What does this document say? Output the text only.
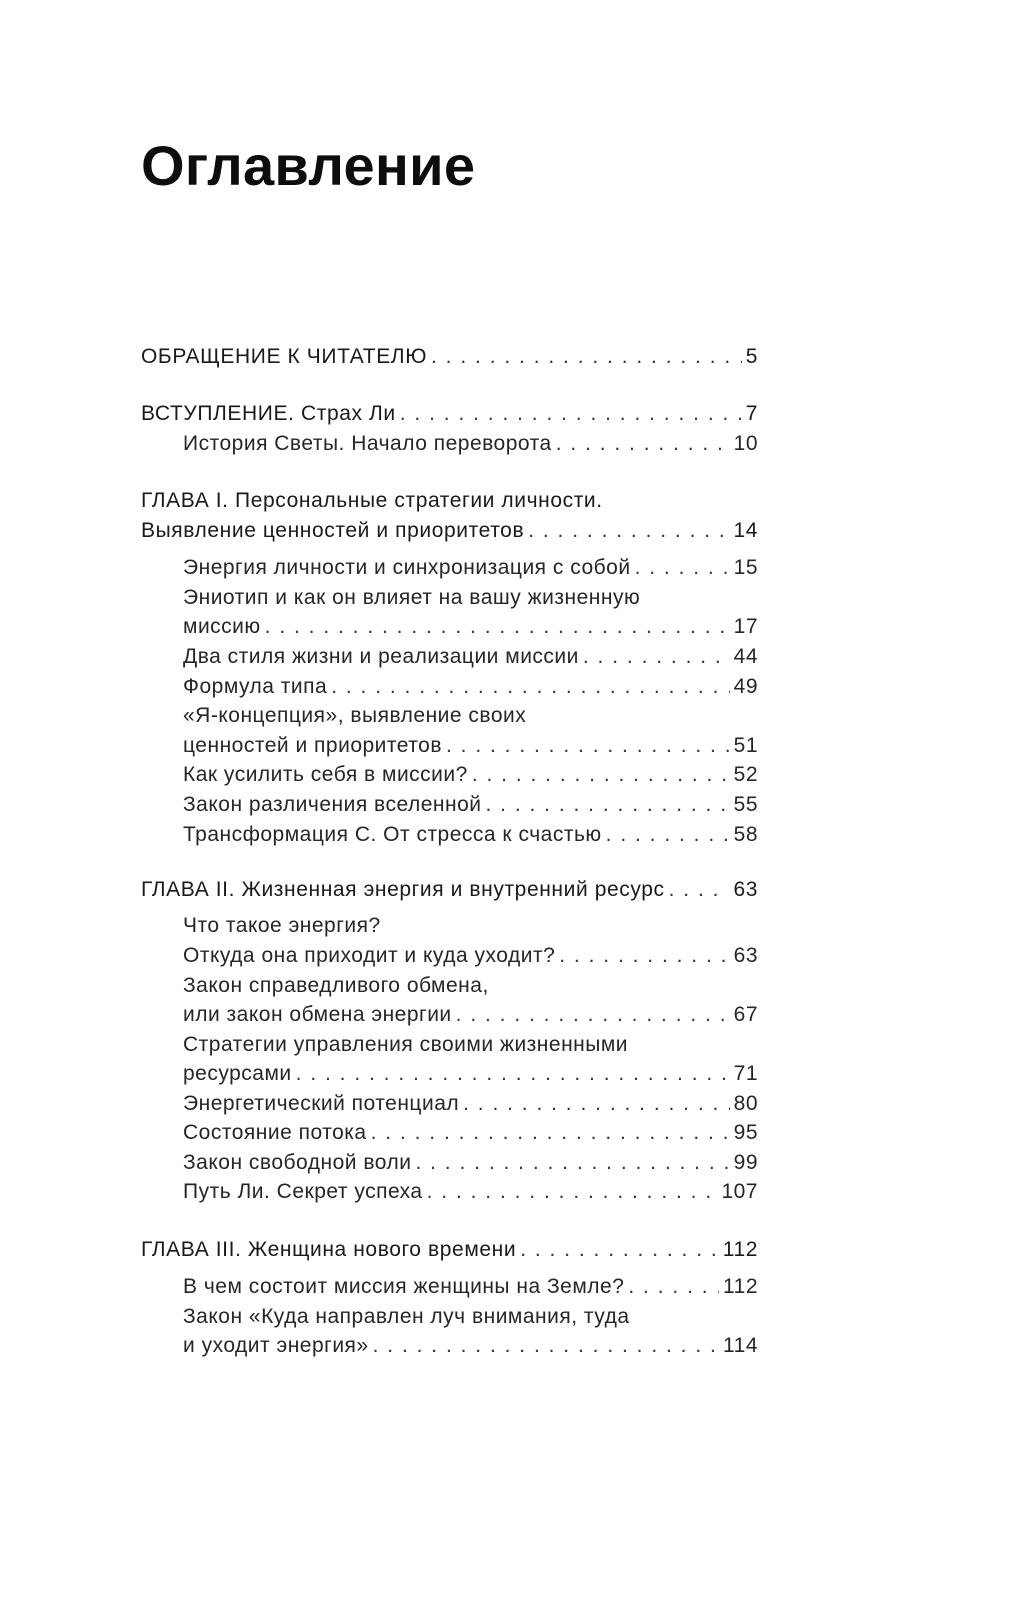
Оглавление
ОБРАЩЕНИЕ К ЧИТАТЕЛЮ . . .	5
ВСТУПЛЕНИЕ. Страх Ли . . .	7
История Светы. Начало переворота . . .	10
ГЛАВА I. Персональные стратегии личности.
Выявление ценностей и приоритетов . . .	14
Энергия личности и синхронизация с собой . . .	15
Эниотип и как он влияет на вашу жизненную
миссию . . .	17
Два стиля жизни и реализации миссии . . .	44
Формула типа . . .	49
«Я-концепция», выявление своих
ценностей и приоритетов . . .	51
Как усилить себя в миссии? . . .	52
Закон различения вселенной . . .	55
Трансформация С. От стресса к счастью . . .	58
ГЛАВА II. Жизненная энергия и внутренний ресурс . . .	63
Что такое энергия?
Откуда она приходит и куда уходит? . . .	63
Закон справедливого обмена,
или закон обмена энергии . . .	67
Стратегии управления своими жизненными
ресурсами . . .	71
Энергетический потенциал . . .	80
Состояние потока . . .	95
Закон свободной воли . . .	99
Путь Ли. Секрет успеха . . .	107
ГЛАВА III. Женщина нового времени . . .	112
В чем состоит миссия женщины на Земле? . . .	112
Закон «Куда направлен луч внимания, туда
и уходит энергия» . . .	114
